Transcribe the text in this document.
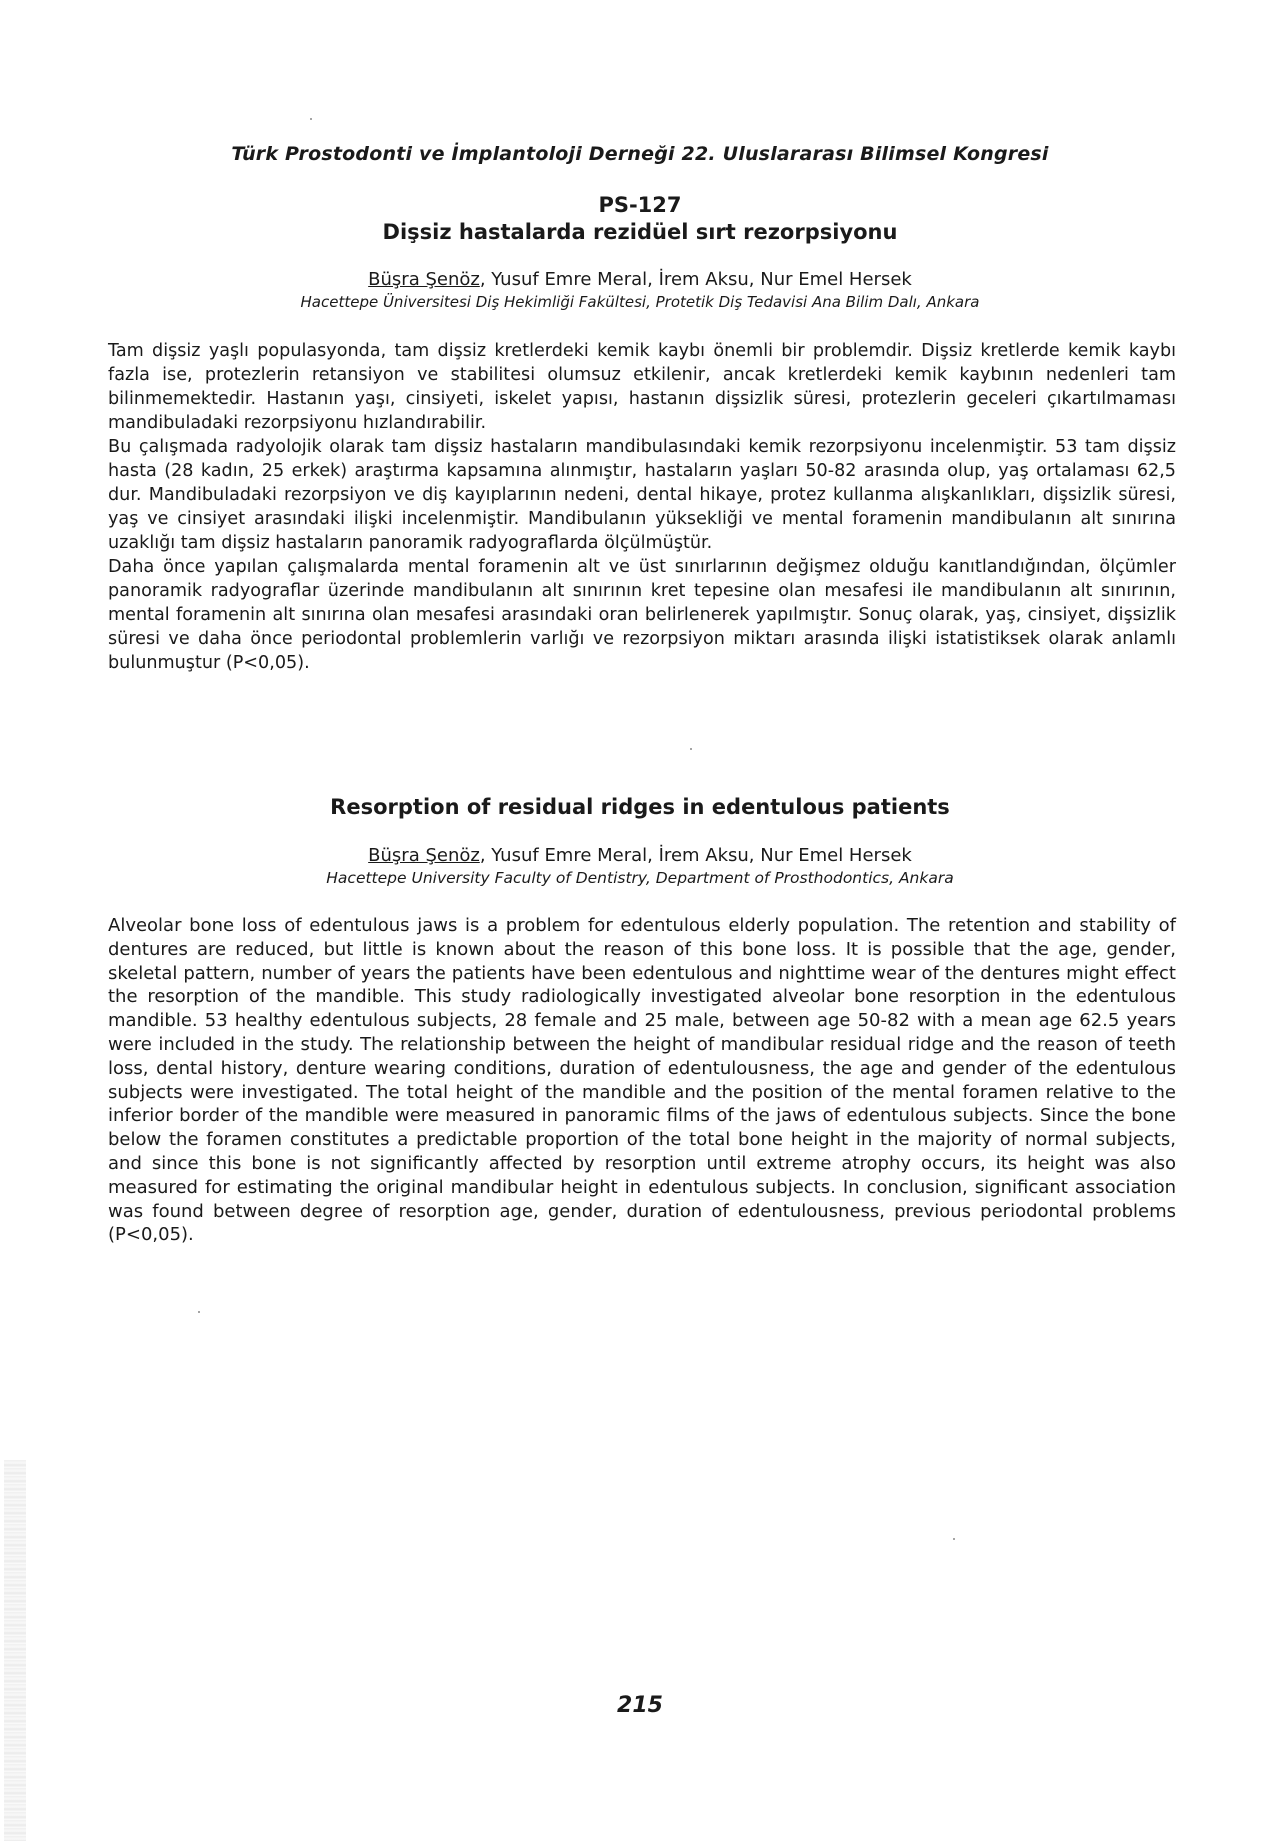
Türk Prostodonti ve İmplantoloji Derneği 22. Uluslararası Bilimsel Kongresi
PS-127
Dişsiz hastalarda rezidüel sırt rezorpsiyonu
Büşra Şenöz, Yusuf Emre Meral, İrem Aksu, Nur Emel Hersek
Hacettepe Üniversitesi Diş Hekimliği Fakültesi, Protetik Diş Tedavisi Ana Bilim Dalı, Ankara

Tam dişsiz yaşlı populasyonda, tam dişsiz kretlerdeki kemik kaybı önemli bir problemdir. Dişsiz kretlerde kemik kaybı fazla ise, protezlerin retansiyon ve stabilitesi olumsuz etkilenir, ancak kretlerdeki kemik kaybının nedenleri tam bilinmemektedir. Hastanın yaşı, cinsiyeti, iskelet yapısı, hastanın dişsizlik süresi, protezlerin geceleri çıkartılmaması mandibuladaki rezorpsiyonu hızlandırabilir.

Bu çalışmada radyolojik olarak tam dişsiz hastaların mandibulasındaki kemik rezorpsiyonu incelenmiştir. 53 tam dişsiz hasta (28 kadın, 25 erkek) araştırma kapsamına alınmıştır, hastaların yaşları 50-82 arasında olup, yaş ortalaması 62,5 dur. Mandibuladaki rezorpsiyon ve diş kayıplarının nedeni, dental hikaye, protez kullanma alışkanlıkları, dişsizlik süresi, yaş ve cinsiyet arasındaki ilişki incelenmiştir. Mandibulanın yüksekliği ve mental foramenin mandibulanın alt sınırına uzaklığı tam dişsiz hastaların panoramik radyograflarda ölçülmüştür.

Daha önce yapılan çalışmalarda mental foramenin alt ve üst sınırlarının değişmez olduğu kanıtlandığından, ölçümler panoramik radyograflar üzerinde mandibulanın alt sınırının kret tepesine olan mesafesi ile mandibulanın alt sınırının, mental foramenin alt sınırına olan mesafesi arasındaki oran belirlenerek yapılmıştır. Sonuç olarak, yaş, cinsiyet, dişsizlik süresi ve daha önce periodontal problemlerin varlığı ve rezorpsiyon miktarı arasında ilişki istatistiksek olarak anlamlı bulunmuştur (P<0,05).

Resorption of residual ridges in edentulous patients
Büşra Şenöz, Yusuf Emre Meral, İrem Aksu, Nur Emel Hersek
Hacettepe University Faculty of Dentistry, Department of Prosthodontics, Ankara

Alveolar bone loss of edentulous jaws is a problem for edentulous elderly population. The retention and stability of dentures are reduced, but little is known about the reason of this bone loss. It is possible that the age, gender, skeletal pattern, number of years the patients have been edentulous and nighttime wear of the dentures might effect the resorption of the mandible. This study radiologically investigated alveolar bone resorption in the edentulous mandible. 53 healthy edentulous subjects, 28 female and 25 male, between age 50-82 with a mean age 62.5 years were included in the study. The relationship between the height of mandibular residual ridge and the reason of teeth loss, dental history, denture wearing conditions, duration of edentulousness, the age and gender of the edentulous subjects were investigated. The total height of the mandible and the position of the mental foramen relative to the inferior border of the mandible were measured in panoramic films of the jaws of edentulous subjects. Since the bone below the foramen constitutes a predictable proportion of the total bone height in the majority of normal subjects, and since this bone is not significantly affected by resorption until extreme atrophy occurs, its height was also measured for estimating the original mandibular height in edentulous subjects. In conclusion, significant association was found between degree of resorption age, gender, duration of edentulousness, previous periodontal problems (P<0,05).

215
